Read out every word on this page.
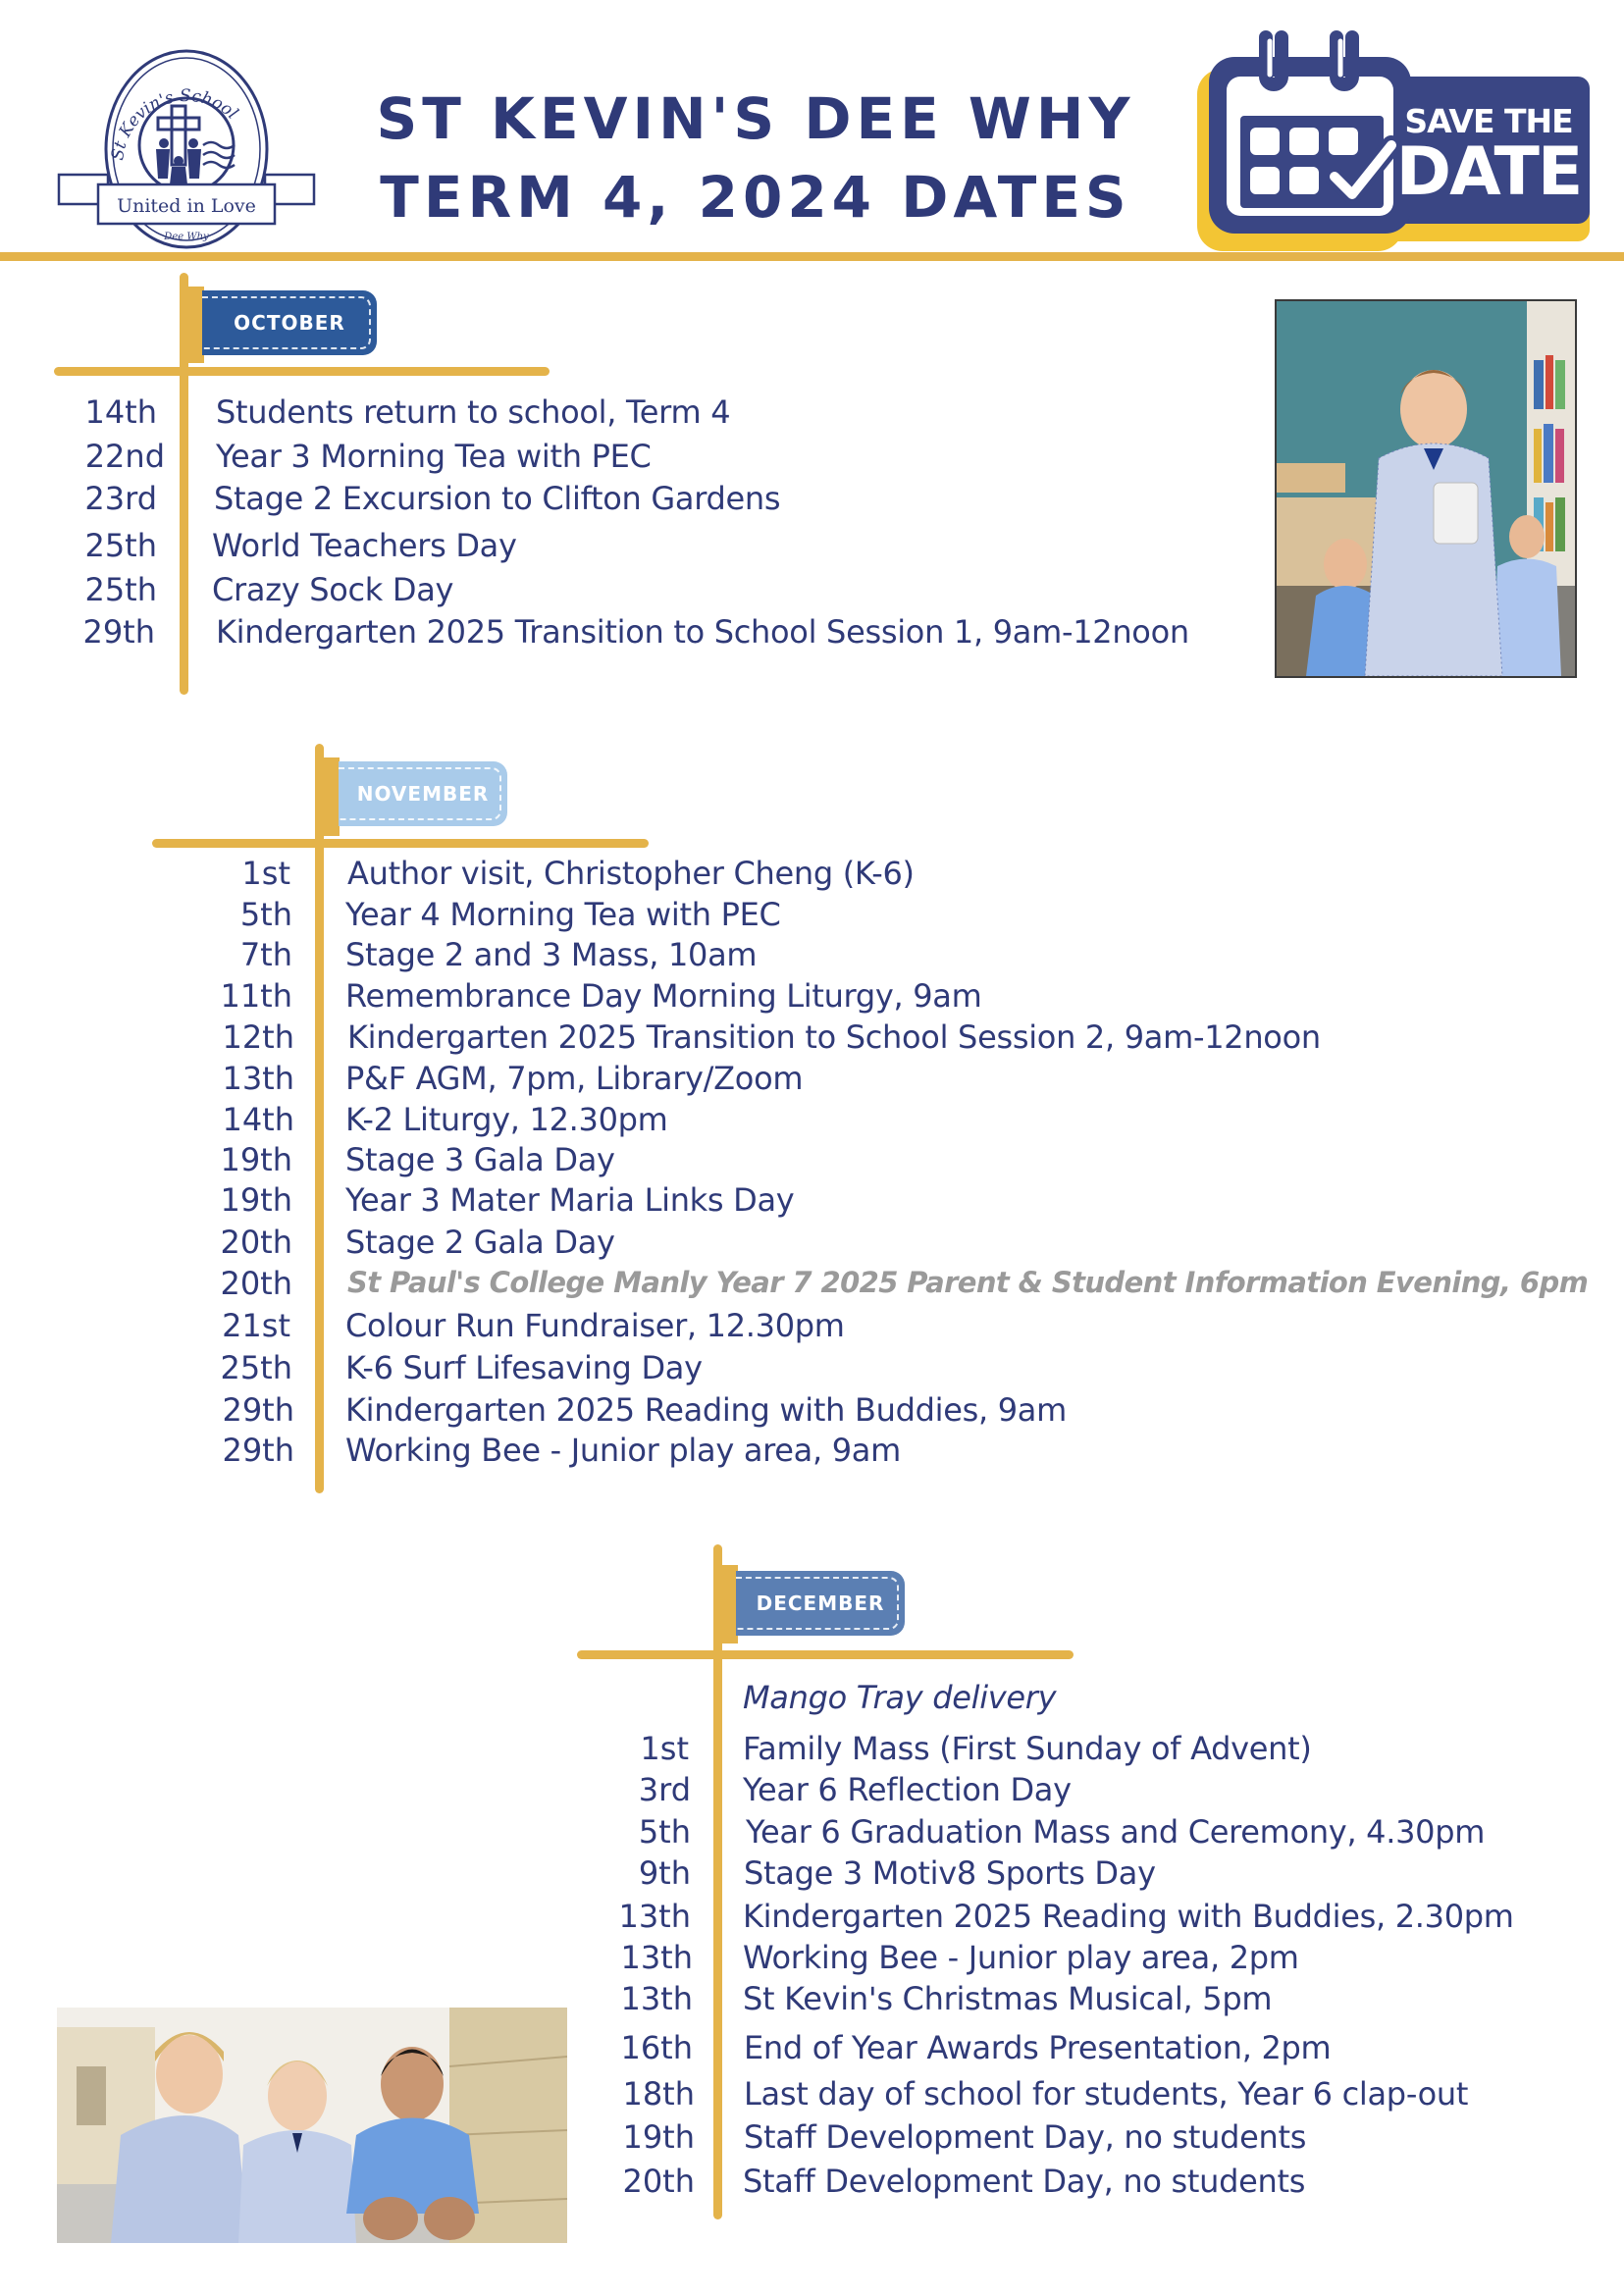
St Kevin's School
United in Love
Dee Why
ST KEVIN'S DEE WHY
TERM 4, 2024 DATES
SAVE THE
DATE
OCTOBER
14th Students return to school, Term 4
22nd Year 3 Morning Tea with PEC
23rd Stage 2 Excursion to Clifton Gardens
25th World Teachers Day
25th Crazy Sock Day
29th Kindergarten 2025 Transition to School Session 1, 9am-12noon
NOVEMBER
1st Author visit, Christopher Cheng (K-6)
5th Year 4 Morning Tea with PEC
7th Stage 2 and 3 Mass, 10am
11th Remembrance Day Morning Liturgy, 9am
12th Kindergarten 2025 Transition to School Session 2, 9am-12noon
13th P&F AGM, 7pm, Library/Zoom
14th K-2 Liturgy, 12.30pm
19th Stage 3 Gala Day
19th Year 3 Mater Maria Links Day
20th Stage 2 Gala Day
20th St Paul's College Manly Year 7 2025 Parent & Student Information Evening, 6pm
21st Colour Run Fundraiser, 12.30pm
25th K-6 Surf Lifesaving Day
29th Kindergarten 2025 Reading with Buddies, 9am
29th Working Bee - Junior play area, 9am
DECEMBER
Mango Tray delivery
1st Family Mass (First Sunday of Advent)
3rd Year 6 Reflection Day
5th Year 6 Graduation Mass and Ceremony, 4.30pm
9th Stage 3 Motiv8 Sports Day
13th Kindergarten 2025 Reading with Buddies, 2.30pm
13th Working Bee - Junior play area, 2pm
13th St Kevin's Christmas Musical, 5pm
16th End of Year Awards Presentation, 2pm
18th Last day of school for students, Year 6 clap-out
19th Staff Development Day, no students
20th Staff Development Day, no students
